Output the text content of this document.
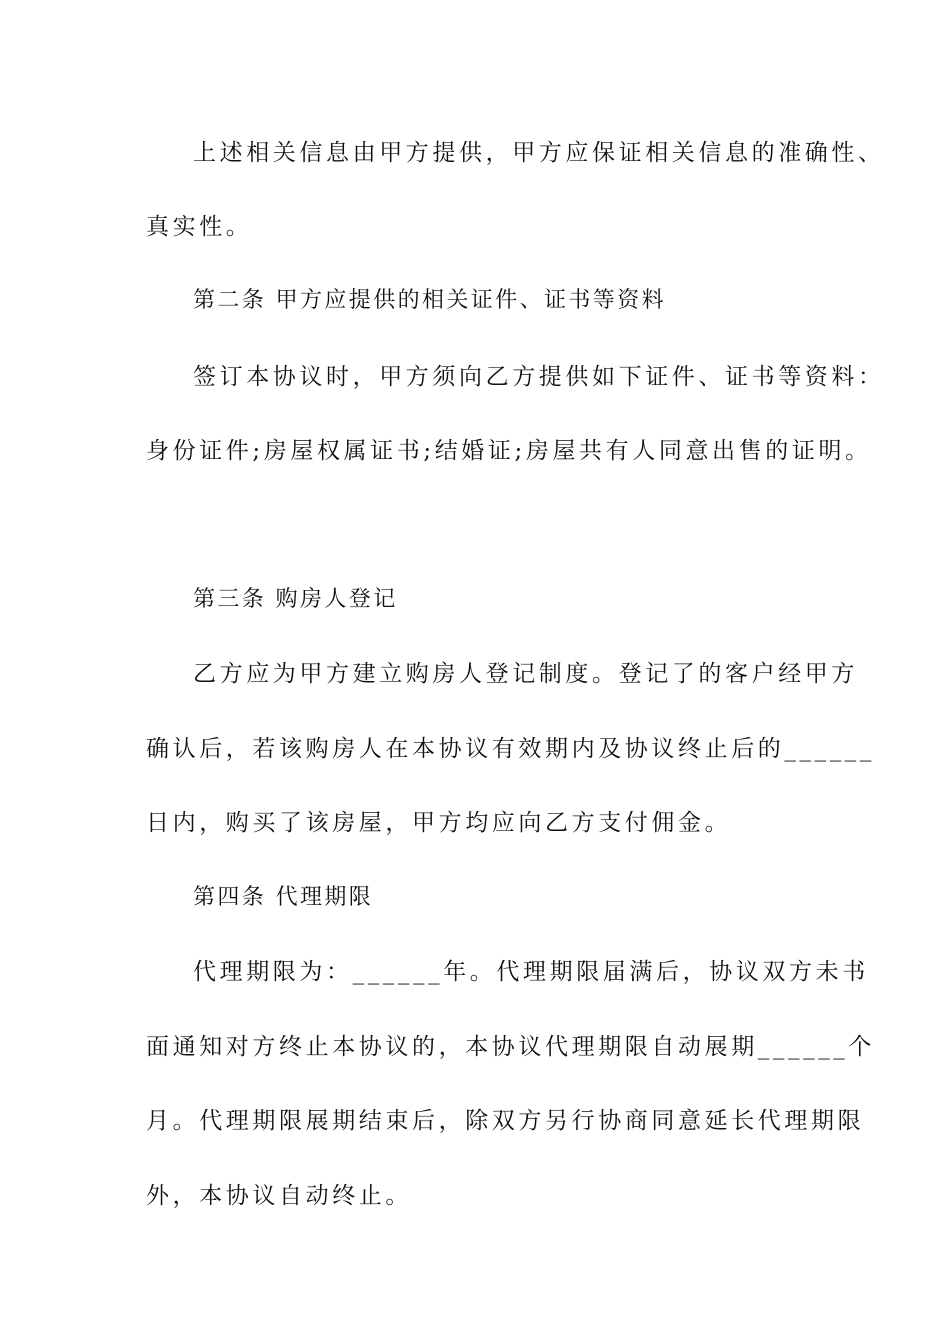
上述相关信息由甲方提供，甲方应保证相关信息的准确性、

真实性。

第二条 甲方应提供的相关证件、证书等资料

签订本协议时，甲方须向乙方提供如下证件、证书等资料：

身份证件;房屋权属证书;结婚证;房屋共有人同意出售的证明。

第三条 购房人登记

乙方应为甲方建立购房人登记制度。登记了的客户经甲方

确认后，若该购房人在本协议有效期内及协议终止后的______

日内，购买了该房屋，甲方均应向乙方支付佣金。

第四条 代理期限

代理期限为：______年。代理期限届满后，协议双方未书

面通知对方终止本协议的，本协议代理期限自动展期______个

月。代理期限展期结束后，除双方另行协商同意延长代理期限

外，本协议自动终止。
